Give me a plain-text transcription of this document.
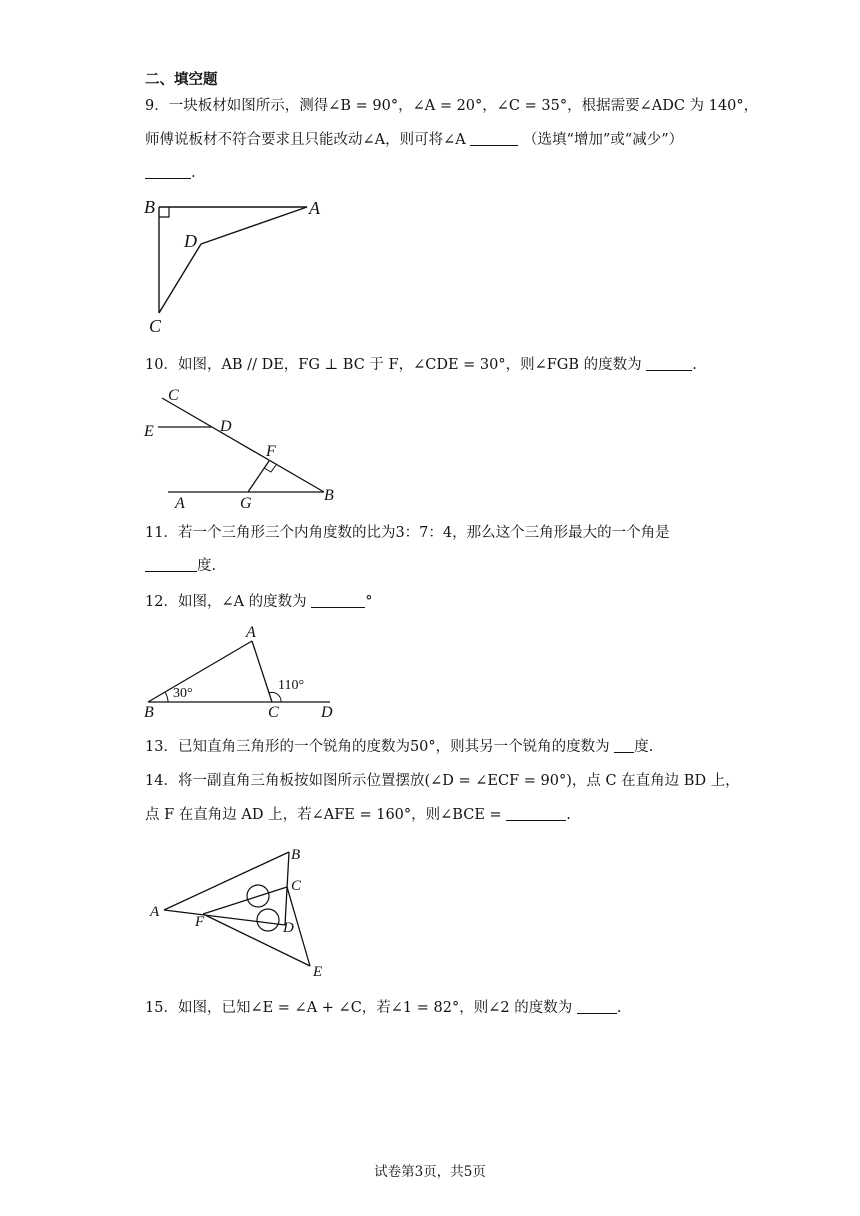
二、填空题
9．一块板材如图所示，测得∠B = 90°，∠A = 20°，∠C = 35°，根据需要∠ADC 为 140°，
师傅说板材不符合要求且只能改动∠A，则可将∠A	（选填“增加”或“减少”）
.
B	A
D
C
10．如图，AB // DE，FG ⊥ BC 于 F，∠CDE = 30°，则∠FGB 的度数为	.
C
E	D
F
A	G	B
11．若一个三角形三个内角度数的比为3：7：4，那么这个三角形最大的一个角是
度.
12．如图，∠A 的度数为	°
A
B	C	D
30°
110°
13．已知直角三角形的一个锐角的度数为50°，则其另一个锐角的度数为 度.
14．将一副直角三角板按如图所示位置摆放(∠D = ∠ECF = 90°)，点 C 在直角边 BD 上，
点 F 在直角边 AD 上，若∠AFE = 160°，则∠BCE =	.
B
C
A
F	D
E
15．如图，已知∠E = ∠A + ∠C，若∠1 = 82°，则∠2 的度数为	.
试卷第3页，共5页
